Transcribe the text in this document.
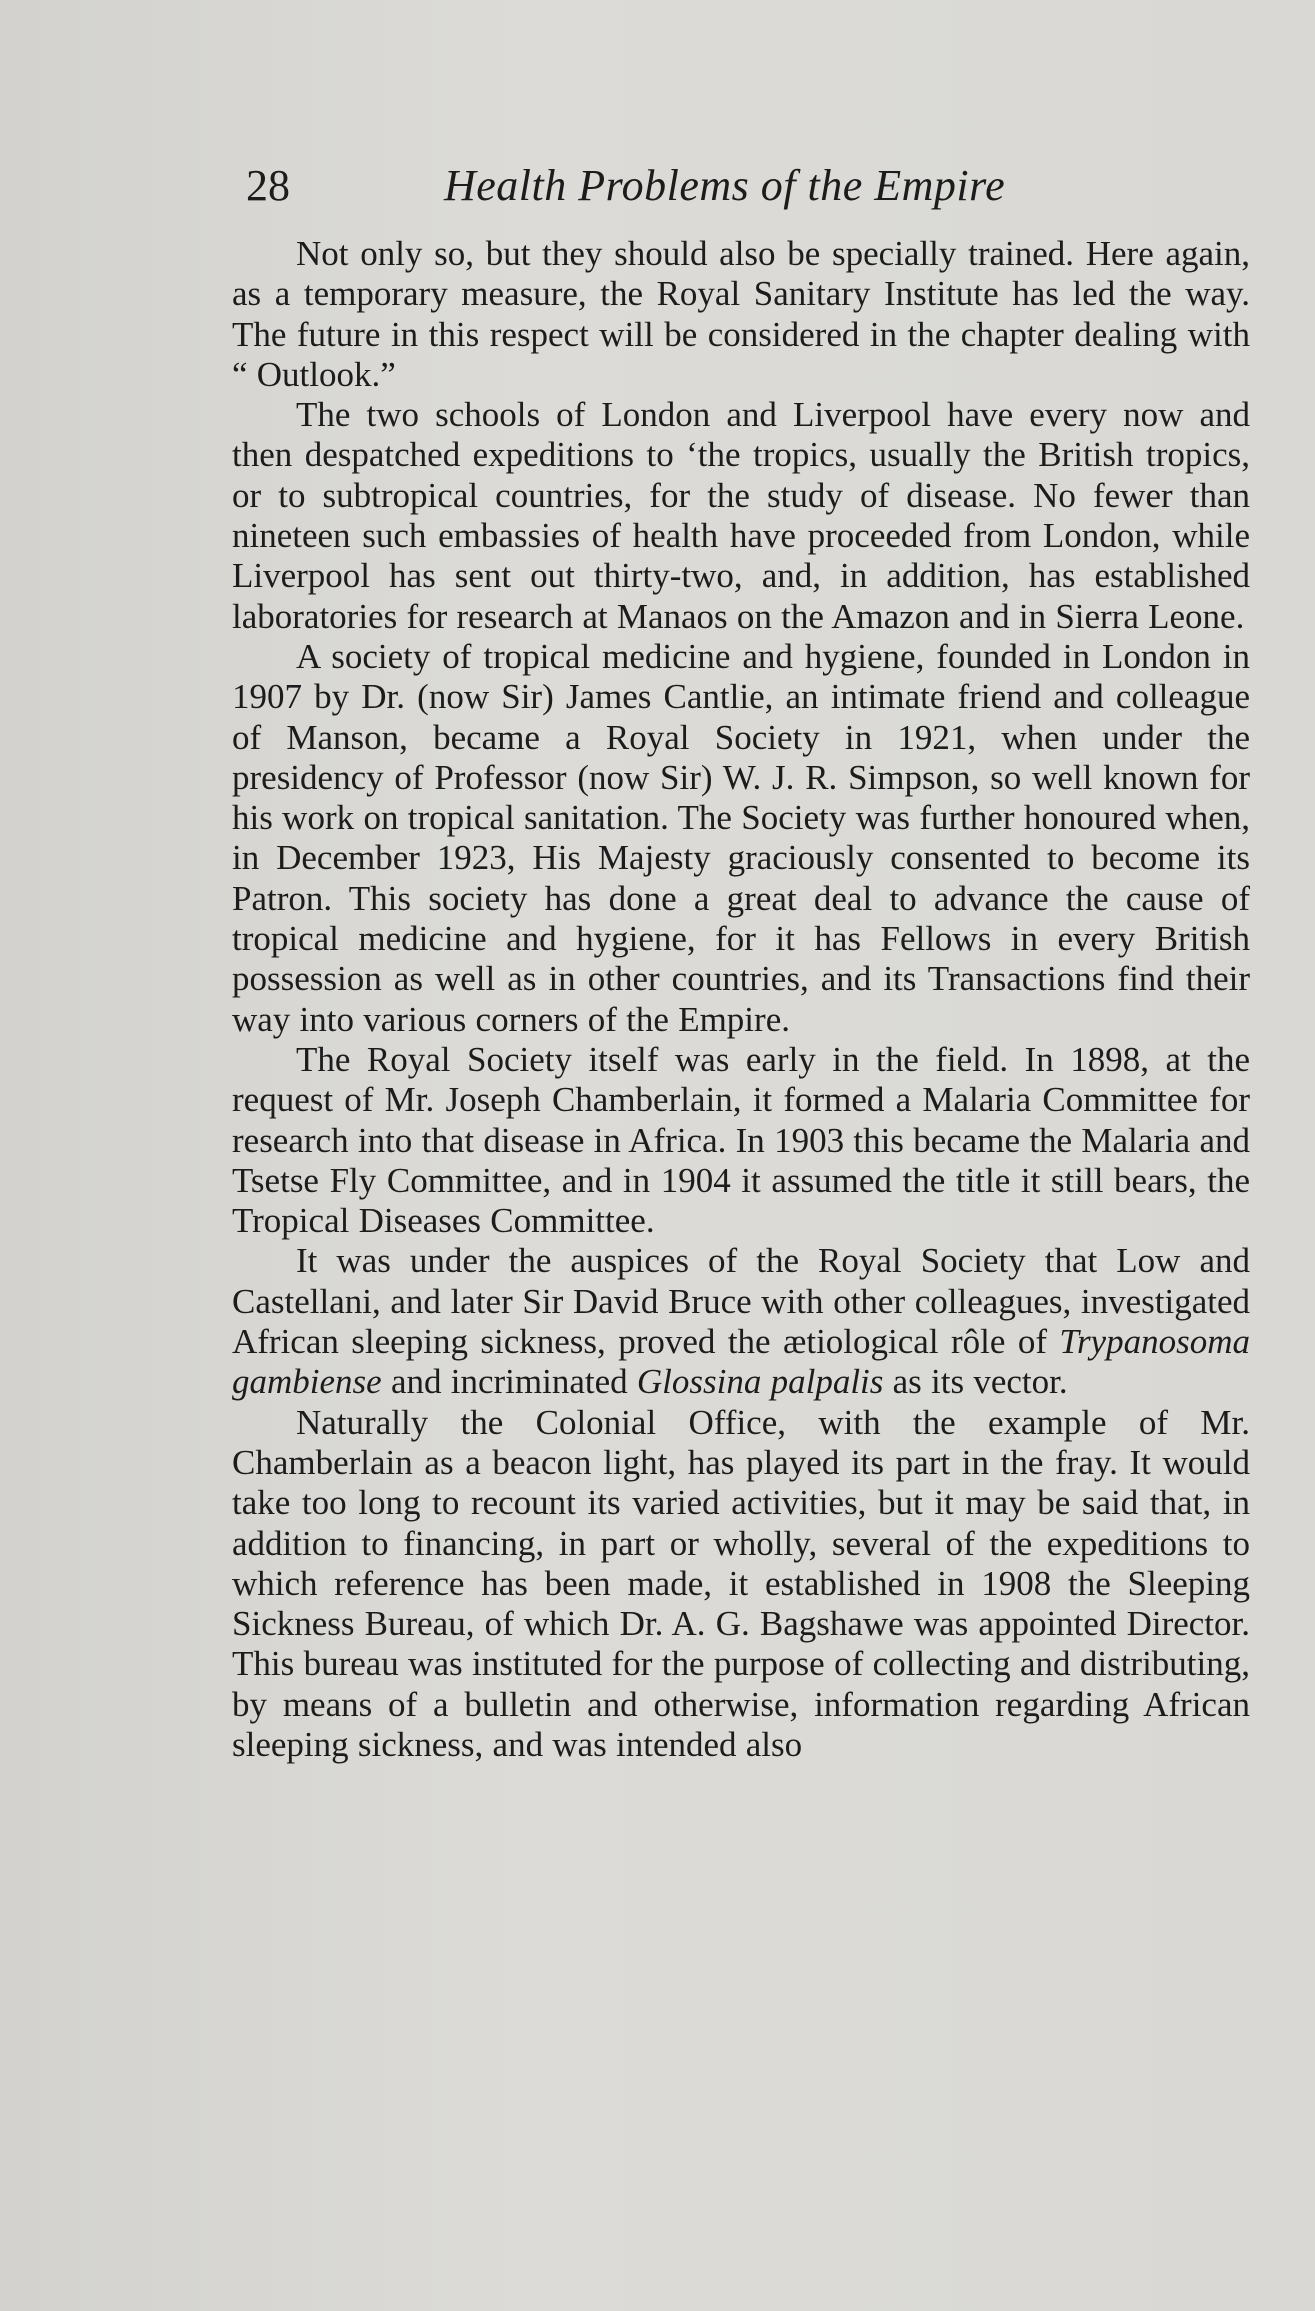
28	Health Problems of the Empire

Not only so, but they should also be specially trained. Here again, as a temporary measure, the Royal Sanitary Institute has led the way. The future in this respect will be considered in the chapter dealing with “ Outlook.”

The two schools of London and Liverpool have every now and then despatched expeditions to ‘the tropics, usually the British tropics, or to subtropical countries, for the study of disease. No fewer than nineteen such embassies of health have proceeded from London, while Liverpool has sent out thirty-two, and, in addition, has established laboratories for research at Manaos on the Amazon and in Sierra Leone.

A society of tropical medicine and hygiene, founded in London in 1907 by Dr. (now Sir) James Cantlie, an intimate friend and colleague of Manson, became a Royal Society in 1921, when under the presidency of Professor (now Sir) W. J. R. Simpson, so well known for his work on tropical sanitation. The Society was further honoured when, in December 1923, His Majesty graciously consented to become its Patron. This society has done a great deal to advance the cause of tropical medicine and hygiene, for it has Fellows in every British possession as well as in other countries, and its Transactions find their way into various corners of the Empire.

The Royal Society itself was early in the field. In 1898, at the request of Mr. Joseph Chamberlain, it formed a Malaria Committee for research into that disease in Africa. In 1903 this became the Malaria and Tsetse Fly Committee, and in 1904 it assumed the title it still bears, the Tropical Diseases Committee.

It was under the auspices of the Royal Society that Low and Castellani, and later Sir David Bruce with other colleagues, investigated African sleeping sickness, proved the ætiological rôle of Trypanosoma gambiense and incriminated Glossina palpalis as its vector.

Naturally the Colonial Office, with the example of Mr. Chamberlain as a beacon light, has played its part in the fray. It would take too long to recount its varied activities, but it may be said that, in addition to financing, in part or wholly, several of the expeditions to which reference has been made, it established in 1908 the Sleeping Sickness Bureau, of which Dr. A. G. Bagshawe was appointed Director. This bureau was instituted for the purpose of collecting and distributing, by means of a bulletin and otherwise, information regarding African sleeping sickness, and was intended also
